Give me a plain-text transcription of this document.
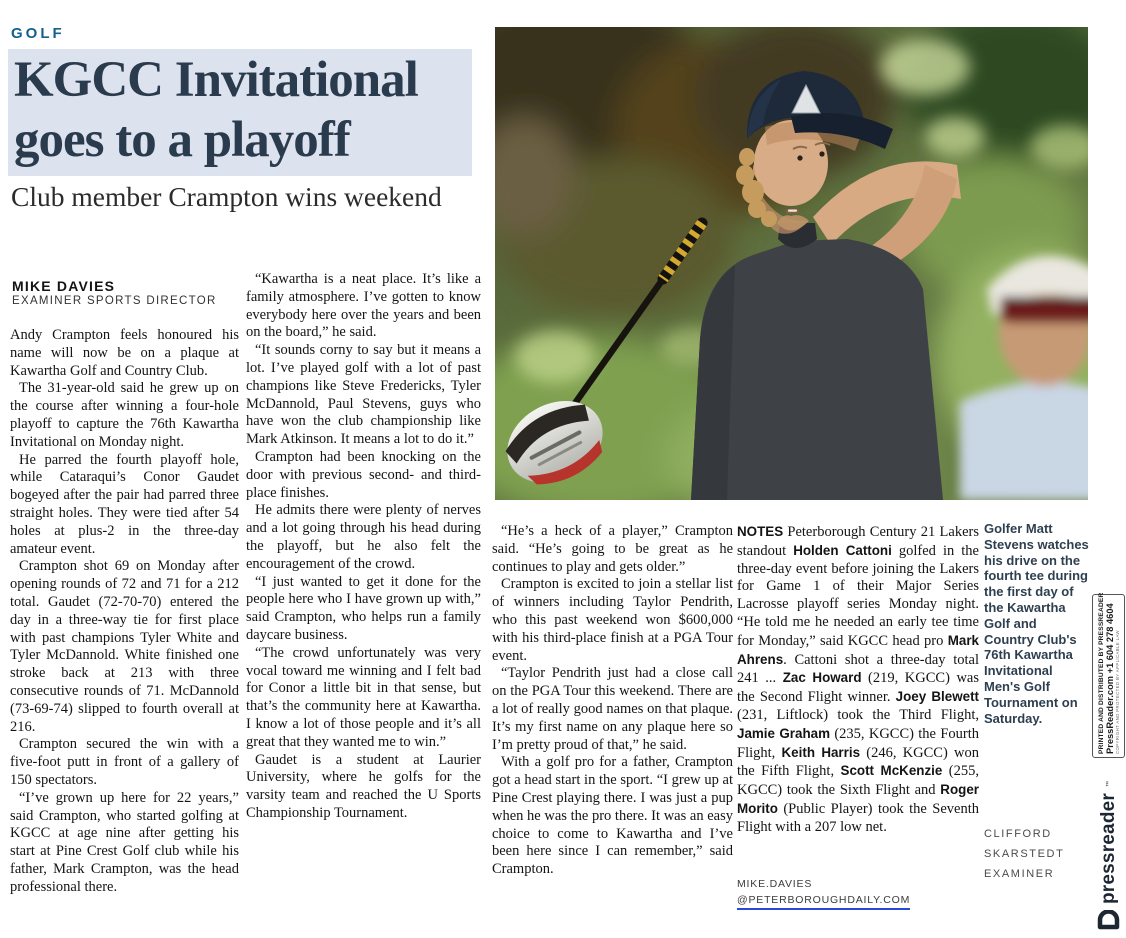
GOLF
KGCC Invitational
goes to a playoff
Club member Crampton wins weekend
MIKE DAVIES
EXAMINER SPORTS DIRECTOR

Andy Crampton feels honoured his name will now be on a plaque at Kawartha Golf and Country Club.

The 31-year-old said he grew up on the course after winning a four-hole playoff to capture the 76th Kawartha Invitational on Monday night.

He parred the fourth playoff hole, while Cataraqui’s Conor Gaudet bogeyed after the pair had parred three straight holes. They were tied after 54 holes at plus-2 in the three-day amateur event.

Crampton shot 69 on Monday after opening rounds of 72 and 71 for a 212 total. Gaudet (72-70-70) entered the day in a three-way tie for first place with past champions Tyler White and Tyler McDannold. White finished one stroke back at 213 with three consecutive rounds of 71. McDannold (73-69-74) slipped to fourth overall at 216.

Crampton secured the win with a five-foot putt in front of a gallery of 150 spectators.

“I’ve grown up here for 22 years,” said Crampton, who started golfing at KGCC at age nine after getting his start at Pine Crest Golf club while his father, Mark Crampton, was the head professional there.

“Kawartha is a neat place. It’s like a family atmosphere. I’ve gotten to know everybody here over the years and been on the board,” he said.

“It sounds corny to say but it means a lot. I’ve played golf with a lot of past champions like Steve Fredericks, Tyler McDannold, Paul Stevens, guys who have won the club championship like Mark Atkinson. It means a lot to do it.”

Crampton had been knocking on the door with previous second- and third-place finishes.

He admits there were plenty of nerves and a lot going through his head during the playoff, but he also felt the encouragement of the crowd.

“I just wanted to get it done for the people here who I have grown up with,” said Crampton, who helps run a family daycare business.

“The crowd unfortunately was very vocal toward me winning and I felt bad for Conor a little bit in that sense, but that’s the community here at Kawartha. I know a lot of those people and it’s all great that they wanted me to win.”

Gaudet is a student at Laurier University, where he golfs for the varsity team and reached the U Sports Championship Tournament.

“He’s a heck of a player,” Crampton said. “He’s going to be great as he continues to play and gets older.”

Crampton is excited to join a stellar list of winners including Taylor Pendrith, who this past weekend won $600,000 with his third-place finish at a PGA Tour event.

“Taylor Pendrith just had a close call on the PGA Tour this weekend. There are a lot of really good names on that plaque. It’s my first name on any plaque here so I’m pretty proud of that,” he said.

With a golf pro for a father, Crampton got a head start in the sport. “I grew up at Pine Crest playing there. I was just a pup when he was the pro there. It was an easy choice to come to Kawartha and I’ve been here since I can remember,” said Crampton.

NOTES Peterborough Century 21 Lakers standout Holden Cattoni golfed in the three-day event before joining the Lakers for Game 1 of their Major Series Lacrosse playoff series Monday night. “He told me he needed an early tee time for Monday,” said KGCC head pro Mark Ahrens. Cattoni shot a three-day total 241 ... Zac Howard (219, KGCC) was the Second Flight winner. Joey Blewett (231, Liftlock) took the Third Flight, Jamie Graham (235, KGCC) the Fourth Flight, Keith Harris (246, KGCC) won the Fifth Flight, Scott McKenzie (255, KGCC) took the Sixth Flight and Roger Morito (Public Player) took the Seventh Flight with a 207 low net.

MIKE.DAVIES
@PETERBOROUGHDAILY.COM
Golfer Matt Stevens watches his drive on the fourth tee during the first day of the Kawartha Golf and Country Club's 76th Kawartha Invitational Men's Golf Tournament on Saturday.
CLIFFORD
SKARSTEDT
EXAMINER
PRINTED AND DISTRIBUTED BY PRESSREADER PressReader.com +1 604 278 4604 COPYRIGHT AND PROTECTED BY APPLICABLE LAW
pressreader
™
